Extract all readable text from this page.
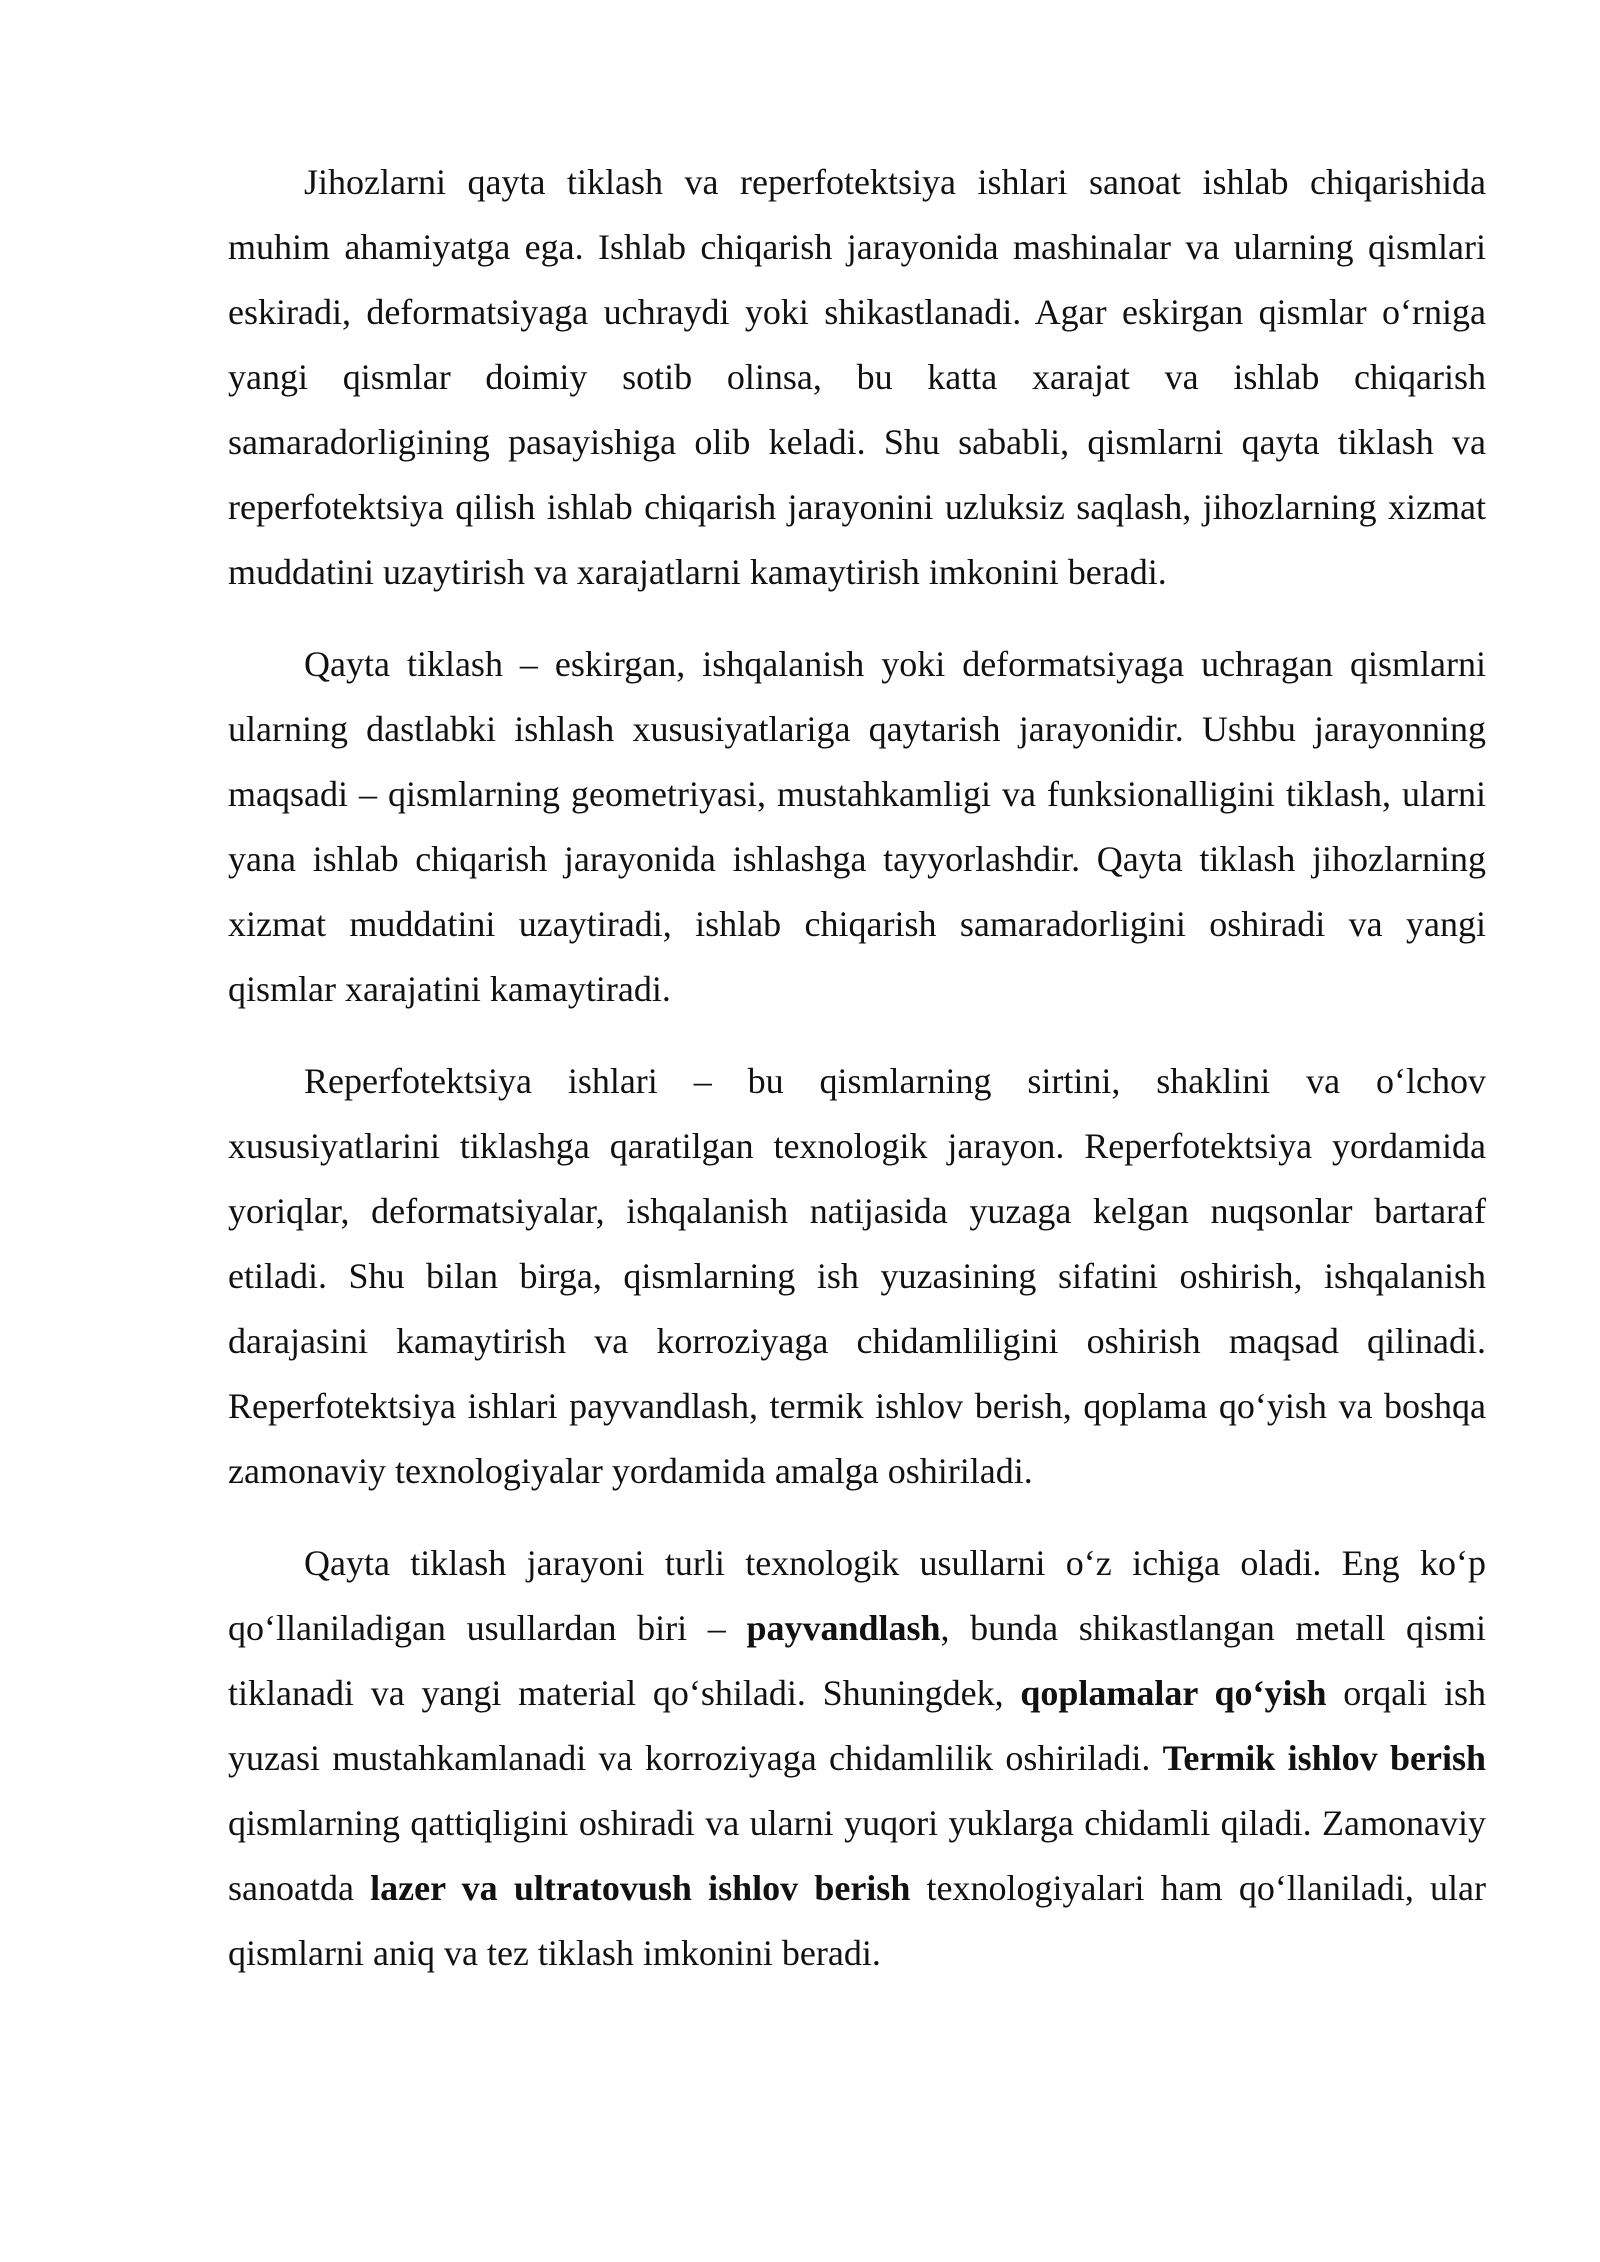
Jihozlarni qayta tiklash va reperfotektsiya ishlari sanoat ishlab chiqarishida muhim ahamiyatga ega. Ishlab chiqarish jarayonida mashinalar va ularning qismlari eskiradi, deformatsiyaga uchraydi yoki shikastlanadi. Agar eskirgan qismlar oʻrniga yangi qismlar doimiy sotib olinsa, bu katta xarajat va ishlab chiqarish samaradorligining pasayishiga olib keladi. Shu sababli, qismlarni qayta tiklash va reperfotektsiya qilish ishlab chiqarish jarayonini uzluksiz saqlash, jihozlarning xizmat muddatini uzaytirish va xarajatlarni kamaytirish imkonini beradi.

Qayta tiklash – eskirgan, ishqalanish yoki deformatsiyaga uchragan qismlarni ularning dastlabki ishlash xususiyatlariga qaytarish jarayonidir. Ushbu jarayonning maqsadi – qismlarning geometriyasi, mustahkamligi va funksionalligini tiklash, ularni yana ishlab chiqarish jarayonida ishlashga tayyorlashdir. Qayta tiklash jihozlarning xizmat muddatini uzaytiradi, ishlab chiqarish samaradorligini oshiradi va yangi qismlar xarajatini kamaytiradi.

Reperfotektsiya ishlari – bu qismlarning sirtini, shaklini va oʻlchov xususiyatlarini tiklashga qaratilgan texnologik jarayon. Reperfotektsiya yordamida yoriqlar, deformatsiyalar, ishqalanish natijasida yuzaga kelgan nuqsonlar bartaraf etiladi. Shu bilan birga, qismlarning ish yuzasining sifatini oshirish, ishqalanish darajasini kamaytirish va korroziyaga chidamliligini oshirish maqsad qilinadi. Reperfotektsiya ishlari payvandlash, termik ishlov berish, qoplama qoʻyish va boshqa zamonaviy texnologiyalar yordamida amalga oshiriladi.

Qayta tiklash jarayoni turli texnologik usullarni oʻz ichiga oladi. Eng koʻp qoʻllaniladigan usullardan biri – payvandlash, bunda shikastlangan metall qismi tiklanadi va yangi material qoʻshiladi. Shuningdek, qoplamalar qoʻyish orqali ish yuzasi mustahkamlanadi va korroziyaga chidamlilik oshiriladi. Termik ishlov berish qismlarning qattiqligini oshiradi va ularni yuqori yuklarga chidamli qiladi. Zamonaviy sanoatda lazer va ultratovush ishlov berish texnologiyalari ham qoʻllaniladi, ular qismlarni aniq va tez tiklash imkonini beradi.
